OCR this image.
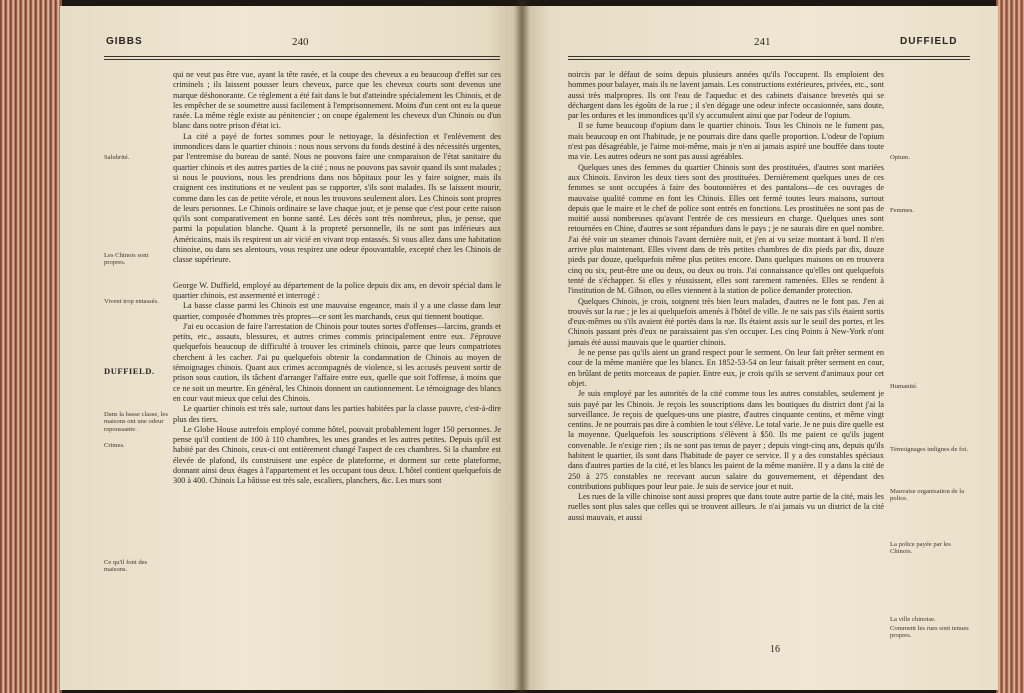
GIBBS	240
Salubrité.
Les Chinois sont propres.
Vivent trop entassés.
DUFFIELD.
Dans la basse classe, les maisons ont une odeur repoussante.
Crimes.
Ce qu'il font des maisons.

qui ne veut pas être vue, ayant la tête rasée, et la coupe des cheveux a eu beaucoup d'effet sur ces criminels ; ils laissent pousser leurs cheveux, parce que les cheveux courts sont devenus une marque déshonorante. Ce règlement a été fait dans le but d'atteindre spécialement les Chinois, et de les empêcher de se soumettre aussi facilement à l'emprisonnement. Moins d'un cent ont eu la queue rasée. La même règle existe au pénitencier ; on coupe également les cheveux d'un Chinois ou d'un blanc dans notre prison d'état ici.

La cité a payé de fortes sommes pour le nettoyage, la désinfection et l'enlèvement des immondices dans le quartier chinois : nous nous servons du fonds destiné à des nécessités urgentes, par l'entremise du bureau de santé. Nous ne pouvons faire une comparaison de l'état sanitaire du quartier chinois et des autres parties de la cité ; nous ne pouvons pas savoir quand ils sont malades ; si nous le pouvions, nous les prendrions dans nos hôpitaux pour les y faire soigner, mais ils craignent ces institutions et ne veulent pas se rapporter, s'ils sont malades. Ils se laissent mourir, comme dans les cas de petite vérole, et nous les trouvons seulement alors. Les Chinois sont propres de leurs personnes. Le Chinois ordinaire se lave chaque jour, et je pense que c'est pour cette raison qu'ils sont comparativement en bonne santé. Les décès sont très nombreux, plus, je pense, que parmi la population blanche. Quant à la propreté personnelle, ils ne sont pas inférieurs aux Américains, mais ils respirent un air vicié en vivant trop entassés. Si vous allez dans une habitation chinoise, ou dans ses alentours, vous respirez une odeur épouvantable, excepté chez les Chinois de classe supérieure.

George W. Duffield, employé au département de la police depuis dix ans, en devoir spécial dans le quartier chinois, est assermenté et interrogé :

La basse classe parmi les Chinois est une mauvaise engeance, mais il y a une classe dans leur quartier, composée d'hommes très propres—ce sont les marchands, ceux qui tiennent boutique.

J'ai eu occasion de faire l'arrestation de Chinois pour toutes sortes d'offenses—larcins, grands et petits, etc., assauts, blessures, et autres crimes commis principalement entre eux. J'éprouve quelquefois beaucoup de difficulté à trouver les criminels chinois, parce que leurs compatriotes cherchent à les cacher. J'ai pu quelquefois obtenir la condamnation de Chinois au moyen de témoignages chinois. Quant aux crimes accompagnés de violence, si les accusés peuvent sortir de prison sous caution, ils tâchent d'arranger l'affaire entre eux, quelle que soit l'offense, à moins que ce ne soit un meurtre. En général, les Chinois donnent un cautionnement. Le témoignage des blancs en cour vaut mieux que celui des Chinois.

Le quartier chinois est très sale, surtout dans les parties habitées par la classe pauvre, c'est-à-dire plus des tiers.

Le Globe House autrefois employé comme hôtel, pouvait probablement loger 150 personnes. Je pense qu'il contient de 100 à 110 chambres, les unes grandes et les autres petites. Depuis qu'il est habité par des Chinois, ceux-ci ont entièrement changé l'aspect de ces chambres. Si la chambre est élevée de plafond, ils construisent une espèce de plateforme, et dorment sur cette plateforme, donnant ainsi deux étages à l'appartement et les occupant tous deux. L'hôtel contient quelquefois de 300 à 400. Chinois La bâtisse est très sale, escaliers, planchers, &c. Les murs sont

241	DUFFIELD

noircis par le défaut de soins depuis plusieurs années qu'ils l'occupent. Ils emploient des hommes pour balayer, mais ils ne lavent jamais. Les constructions extérieures, privées, etc., sont aussi très malpropres. Ils ont l'eau de l'aqueduc et des cabinets d'aisance brevetés qui se déchargent dans les égoûts de la rue ; il s'en dégage une odeur infecte occasionnée, sans doute, par les ordures et les immondices qu'il s'y accumulent ainsi que par l'odeur de l'opium.

Il se fume beaucoup d'opium dans le quartier chinois. Tous les Chinois ne le fument pas, mais beaucoup en ont l'habitude, je ne pourrais dire dans quelle proportion. L'odeur de l'opium n'est pas désagréable, je l'aime moi-même, mais je n'en ai jamais aspiré une bouffée dans toute ma vie. Les autres odeurs ne sont pas aussi agréables.

Quelques unes des femmes du quartier Chinois sont des prostituées, d'autres sont mariées aux Chinois. Environ les deux tiers sont des prostituées. Dernièrement quelques unes de ces femmes se sont occupées à faire des boutonnières et des pantalons—de ces ouvrages de mauvaise qualité comme en font les Chinois. Elles ont fermé toutes leurs maisons, surtout depuis que le maire et le chef de police sont entrés en fonctions. Les prostituées ne sont pas de moitié aussi nombreuses qu'avant l'entrée de ces messieurs en charge. Quelques unes sont retournées en Chine, d'autres se sont répandues dans le pays ; je ne saurais dire en quel nombre. J'ai été voir un steamer chinois l'avant dernière nuit, et j'en ai vu seize montant à bord. Il n'en arrive plus maintenant. Elles vivent dans de très petites chambres de dix pieds par dix, douze pieds par douze, quelquefois même plus petites encore. Dans quelques maisons on en trouvera cinq ou six, peut-être une ou deux, ou deux ou trois. J'ai connaissance qu'elles ont quelquefois tenté de s'échapper. Si elles y réussissent, elles sont rarement ramenées. Elles se rendent à l'institution de M. Gibson, ou elles viennent à la station de police demander protection.

Quelques Chinois, je crois, soignent très bien leurs malades, d'autres ne le font pas. J'en ai trouvés sur la rue ; je les ai quelquefois amenés à l'hôtel de ville. Je ne sais pas s'ils étaient sortis d'eux-mêmes ou s'ils avaient été portés dans la rue. Ils étaient assis sur le seuil des portes, et les Chinois passant près d'eux ne paraissaient pas s'en occuper. Les cinq Points à New-York n'ont jamais été aussi mauvais que le quartier chinois.

Je ne pense pas qu'ils aient un grand respect pour le serment. On leur fait prêter serment en cour de la même manière que les blancs. En 1852-53-54 on leur faisait prêter serment en cour, en brûlant de petits morceaux de papier. Entre eux, je crois qu'ils se servent d'animaux pour cet objet.

Je suis employé par les autorités de la cité comme tous les autres constables, seulement je suis payé par les Chinois. Je reçois les souscriptions dans les boutiques du district dont j'ai la surveillance. Je reçois de quelques-uns une piastre, d'autres cinquante centins, et même vingt centins. Je ne pourrais pas dire à combien le tout s'élève. Le total varie. Je ne puis dire quelle est la moyenne. Quelquefois les souscriptions s'élèvent à $50. Ils me paient ce qu'ils jugent convenable. Je n'exige rien ; ils ne sont pas tenus de payer ; depuis vingt-cinq ans, depuis qu'ils habitent le quartier, ils sont dans l'habitude de payer ce service. Il y a des constables spéciaux dans d'autres parties de la cité, et les blancs les paient de la même manière. Il y a dans la cité de 250 à 275 constables ne recevant aucun salaire du gouvernement, et dépendant des contributions publiques pour leur paie. Je suis de service jour et nuit.

Les rues de la ville chinoise sont aussi propres que dans toute autre partie de la cité, mais les ruelles sont plus sales que celles qui se trouvent ailleurs. Je n'ai jamais vu un district de la cité aussi mauvais, et aussi

Opium.
Femmes.
Humanité.
Témoignages indignes de foi.
Mauvaise organisation de la police.
La police payée par les Chinois.
La ville chinoise.
Comment les rues sont tenues propres.
16
